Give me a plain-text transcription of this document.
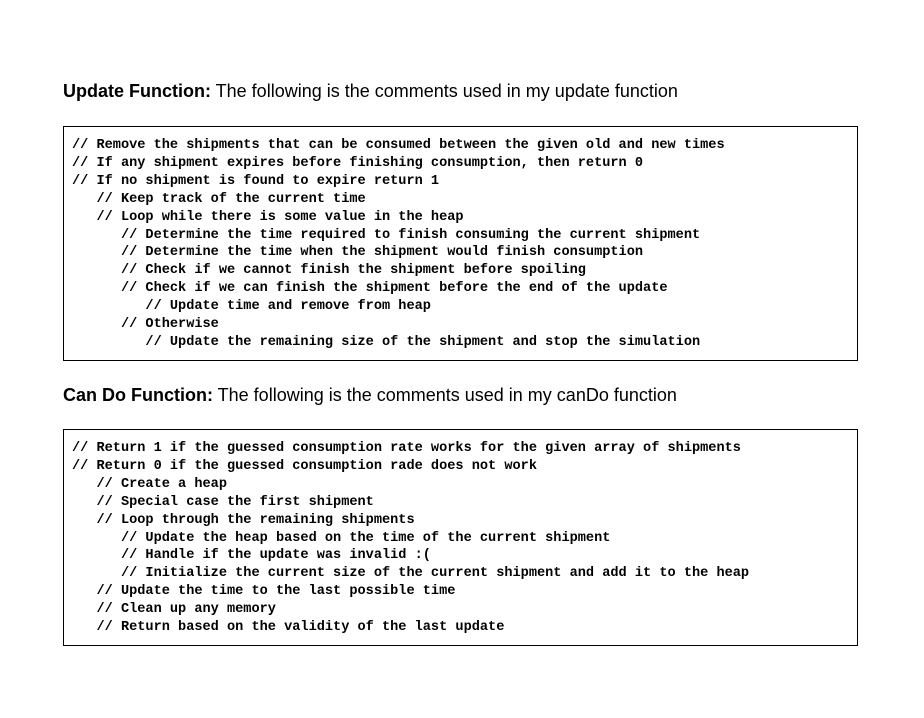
Update Function: The following is the comments used in my update function
// Remove the shipments that can be consumed between the given old and new times
// If any shipment expires before finishing consumption, then return 0
// If no shipment is found to expire return 1
// Keep track of the current time
// Loop while there is some value in the heap
// Determine the time required to finish consuming the current shipment
// Determine the time when the shipment would finish consumption
// Check if we cannot finish the shipment before spoiling
// Check if we can finish the shipment before the end of the update
// Update time and remove from heap
// Otherwise
// Update the remaining size of the shipment and stop the simulation
Can Do Function: The following is the comments used in my canDo function
// Return 1 if the guessed consumption rate works for the given array of shipments
// Return 0 if the guessed consumption rade does not work
// Create a heap
// Special case the first shipment
// Loop through the remaining shipments
// Update the heap based on the time of the current shipment
// Handle if the update was invalid :(
// Initialize the current size of the current shipment and add it to the heap
// Update the time to the last possible time
// Clean up any memory
// Return based on the validity of the last update
